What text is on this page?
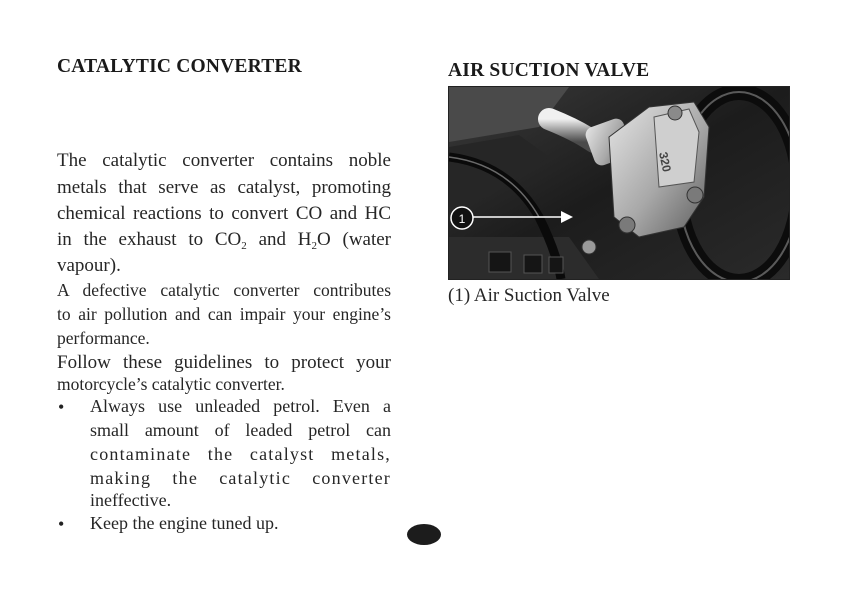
CATALYTIC CONVERTER
The catalytic converter contains noble
metals that serve as catalyst, promoting
chemical reactions to convert CO and HC
in the exhaust to $CO_2$ and $H_2O$ (water
vapour).
A defective catalytic converter contributes
to air pollution and can impair your engine’s
performance.
Follow these guidelines to protect your
motorcycle’s catalytic converter.
• Always use unleaded petrol. Even a
small amount of leaded petrol can
contaminate the catalyst metals,
making the catalytic converter
ineffective.
• Keep the engine tuned up.
AIR SUCTION VALVE
320
1
(1) Air Suction Valve
